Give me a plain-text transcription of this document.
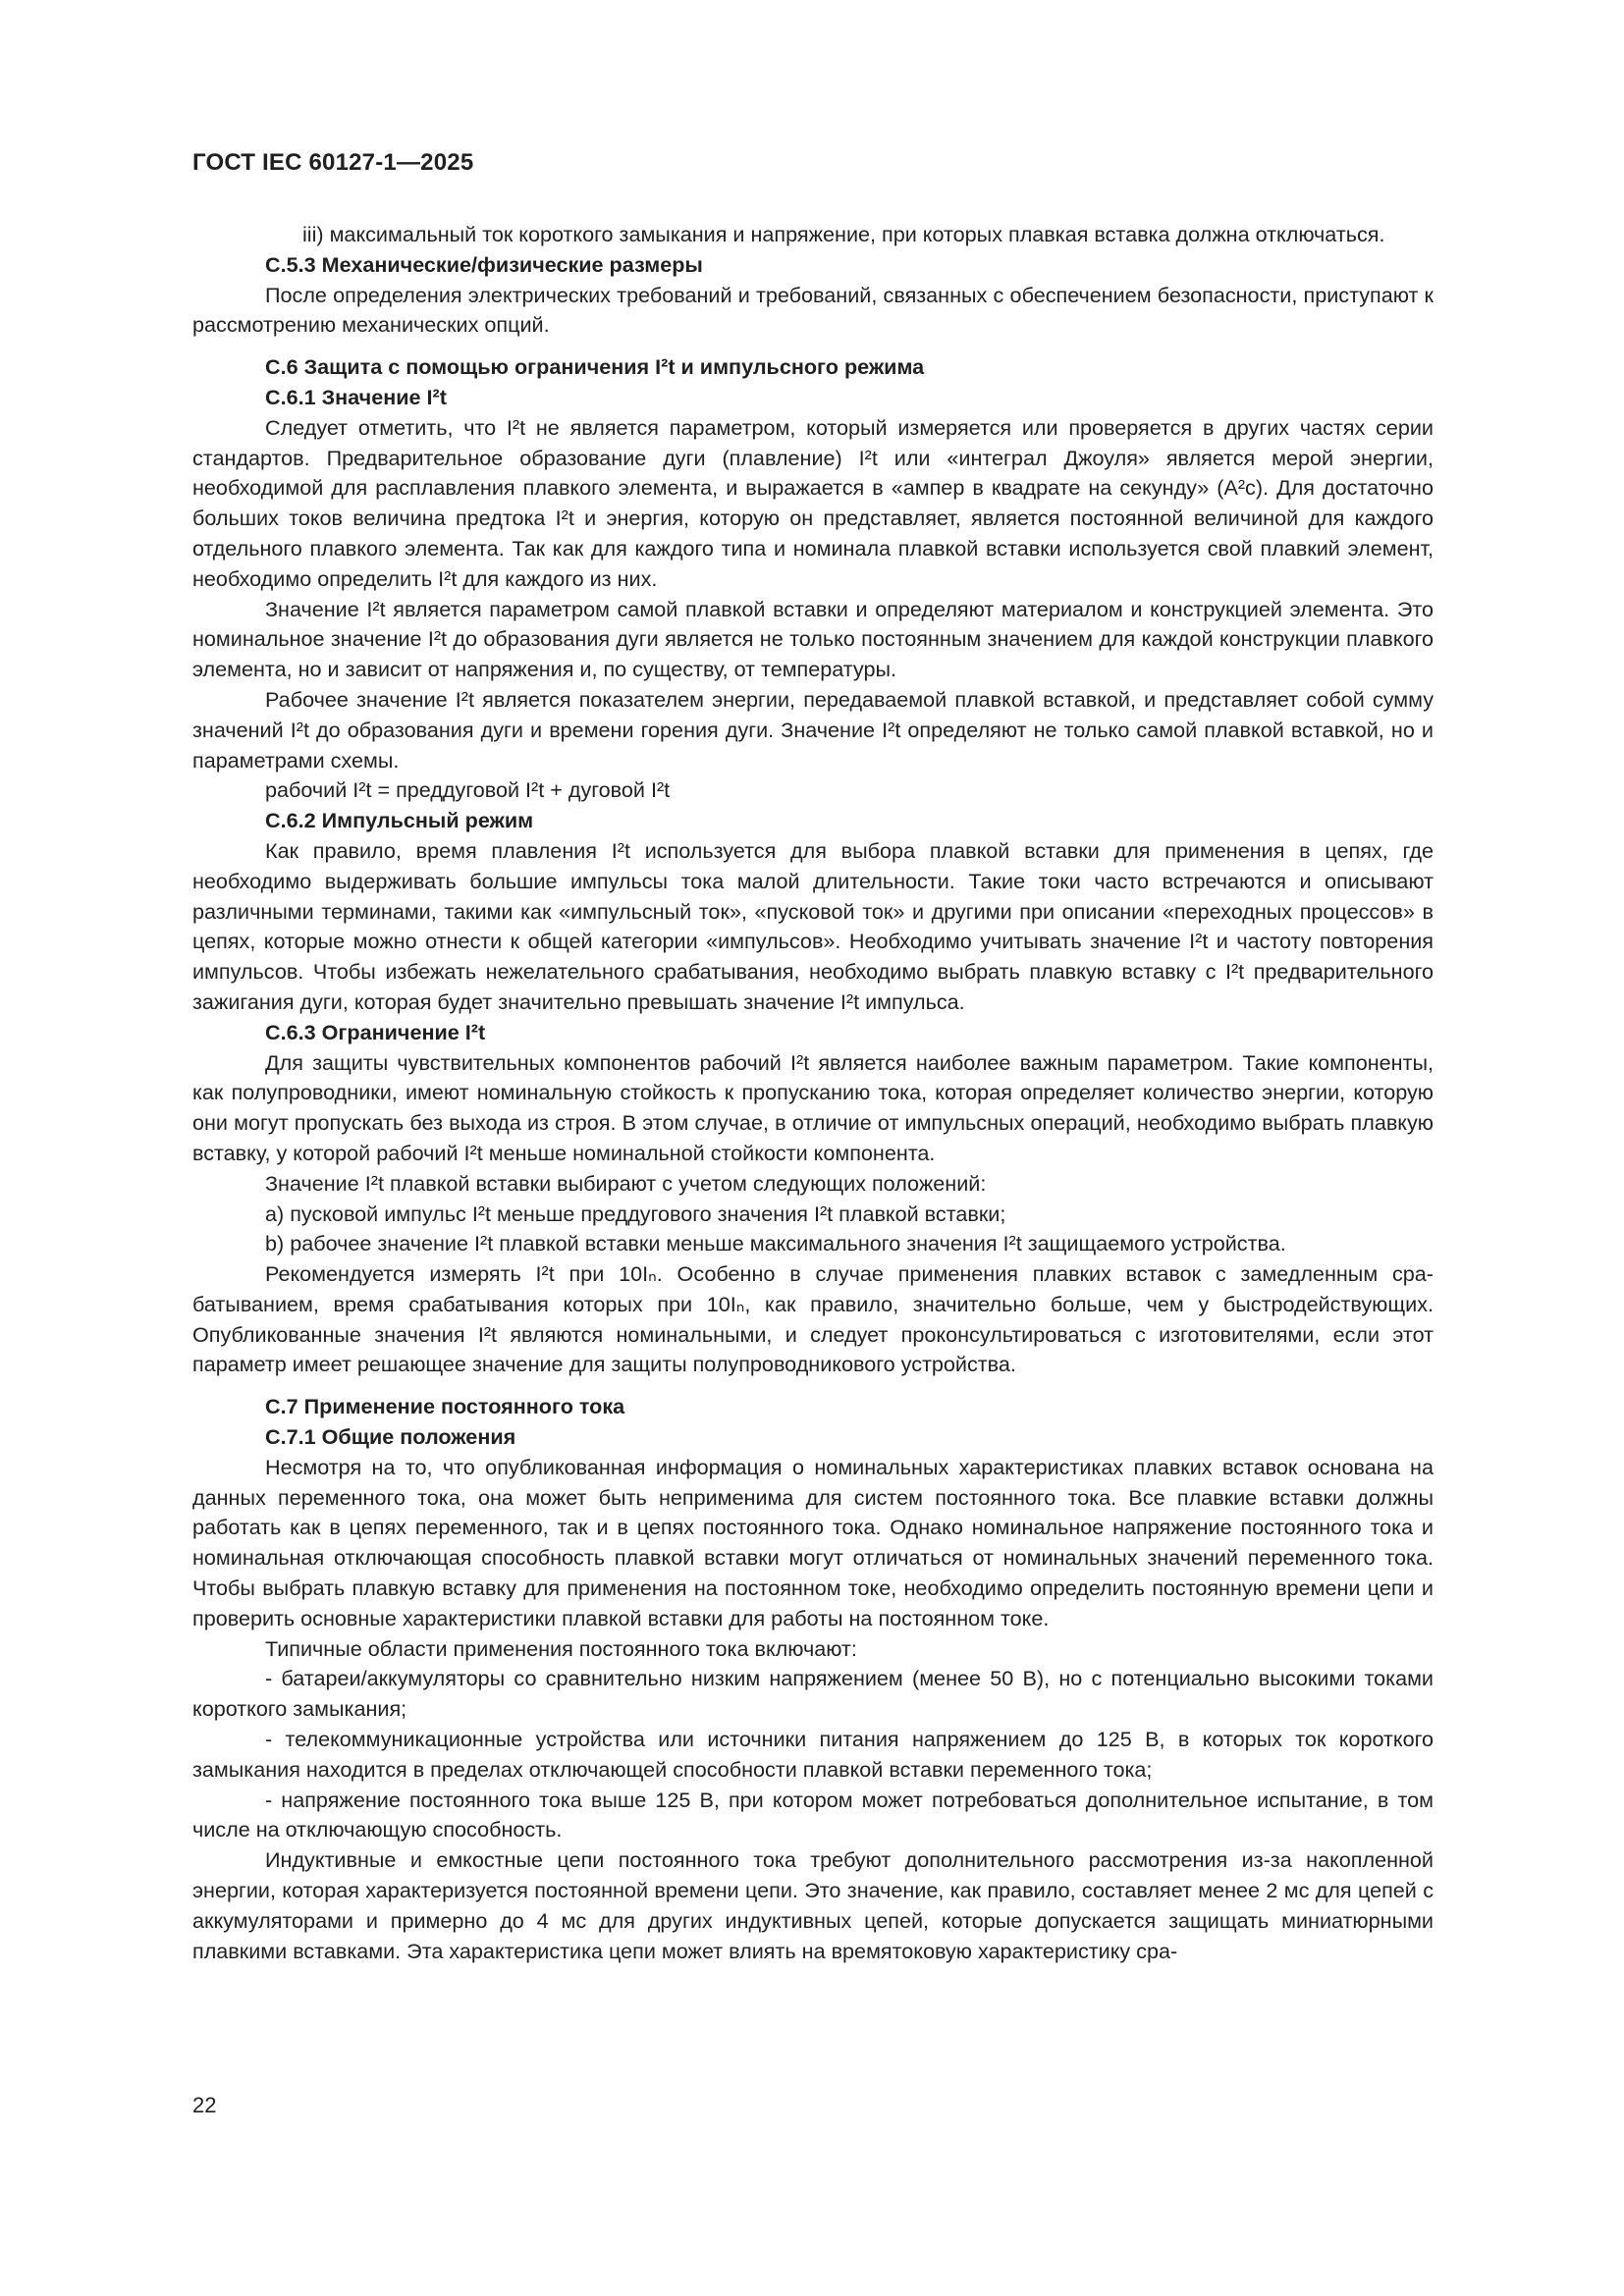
ГОСТ IEC 60127-1—2025

iii) максимальный ток короткого замыкания и напряжение, при которых плавкая вставка должна отключаться.

С.5.3 Механические/физические размеры

После определения электрических требований и требований, связанных с обеспечением безопасности, приступают к рассмотрению механических опций.

С.6 Защита с помощью ограничения I²t и импульсного режима

С.6.1 Значение I²t

Следует отметить, что I²t не является параметром, который измеряется или проверяется в других частях серии стандартов. Предварительное образование дуги (плавление) I²t или «интеграл Джоуля» является мерой энергии, необходимой для расплавления плавкого элемента, и выражается в «ампер в квадрате на секунду» (A²с). Для достаточно больших токов величина предтока I²t и энергия, которую он представляет, является постоянной величиной для каждого отдельного плавкого элемента. Так как для каждого типа и номинала плавкой вставки используется свой плавкий элемент, необходимо определить I²t для каждого из них.

Значение I²t является параметром самой плавкой вставки и определяют материалом и конструкцией элемента. Это номинальное значение I²t до образования дуги является не только постоянным значением для каждой конструкции плавкого элемента, но и зависит от напряжения и, по существу, от температуры.

Рабочее значение I²t является показателем энергии, передаваемой плавкой вставкой, и представляет собой сумму значений I²t до образования дуги и времени горения дуги. Значение I²t определяют не только самой плавкой вставкой, но и параметрами схемы.

рабочий I²t = преддуговой I²t + дуговой I²t

С.6.2 Импульсный режим

Как правило, время плавления I²t используется для выбора плавкой вставки для применения в цепях, где необходимо выдерживать большие импульсы тока малой длительности. Такие токи часто встречаются и описывают различными терминами, такими как «импульсный ток», «пусковой ток» и другими при описании «переходных процессов» в цепях, которые можно отнести к общей категории «импульсов». Необходимо учитывать значение I²t и частоту повторения импульсов. Чтобы избежать нежелательного срабатывания, необходимо выбрать плавкую вставку с I²t предварительного зажигания дуги, которая будет значительно превышать значение I²t импульса.

С.6.3 Ограничение I²t

Для защиты чувствительных компонентов рабочий I²t является наиболее важным параметром. Такие компоненты, как полупроводники, имеют номинальную стойкость к пропусканию тока, которая определяет количество энергии, которую они могут пропускать без выхода из строя. В этом случае, в отличие от импульсных операций, необходимо выбрать плавкую вставку, у которой рабочий I²t меньше номинальной стойкости компонента.

Значение I²t плавкой вставки выбирают с учетом следующих положений:

a) пусковой импульс I²t меньше преддугового значения I²t плавкой вставки;

b) рабочее значение I²t плавкой вставки меньше максимального значения I²t защищаемого устройства.

Рекомендуется измерять I²t при 10Iₙ. Особенно в случае применения плавких вставок с замедленным срабатыванием, время срабатывания которых при 10Iₙ, как правило, значительно больше, чем у быстродействующих. Опубликованные значения I²t являются номинальными, и следует проконсультироваться с изготовителями, если этот параметр имеет решающее значение для защиты полупроводникового устройства.

С.7 Применение постоянного тока

С.7.1 Общие положения

Несмотря на то, что опубликованная информация о номинальных характеристиках плавких вставок основана на данных переменного тока, она может быть неприменима для систем постоянного тока. Все плавкие вставки должны работать как в цепях переменного, так и в цепях постоянного тока. Однако номинальное напряжение постоянного тока и номинальная отключающая способность плавкой вставки могут отличаться от номинальных значений переменного тока. Чтобы выбрать плавкую вставку для применения на постоянном токе, необходимо определить постоянную времени цепи и проверить основные характеристики плавкой вставки для работы на постоянном токе.

Типичные области применения постоянного тока включают:

- батареи/аккумуляторы со сравнительно низким напряжением (менее 50 В), но с потенциально высокими токами короткого замыкания;

- телекоммуникационные устройства или источники питания напряжением до 125 В, в которых ток короткого замыкания находится в пределах отключающей способности плавкой вставки переменного тока;

- напряжение постоянного тока выше 125 В, при котором может потребоваться дополнительное испытание, в том числе на отключающую способность.

Индуктивные и емкостные цепи постоянного тока требуют дополнительного рассмотрения из-за накопленной энергии, которая характеризуется постоянной времени цепи. Это значение, как правило, составляет менее 2 мс для цепей с аккумуляторами и примерно до 4 мс для других индуктивных цепей, которые допускается защищать миниатюрными плавкими вставками. Эта характеристика цепи может влиять на времятоковую характеристику сра-

22
